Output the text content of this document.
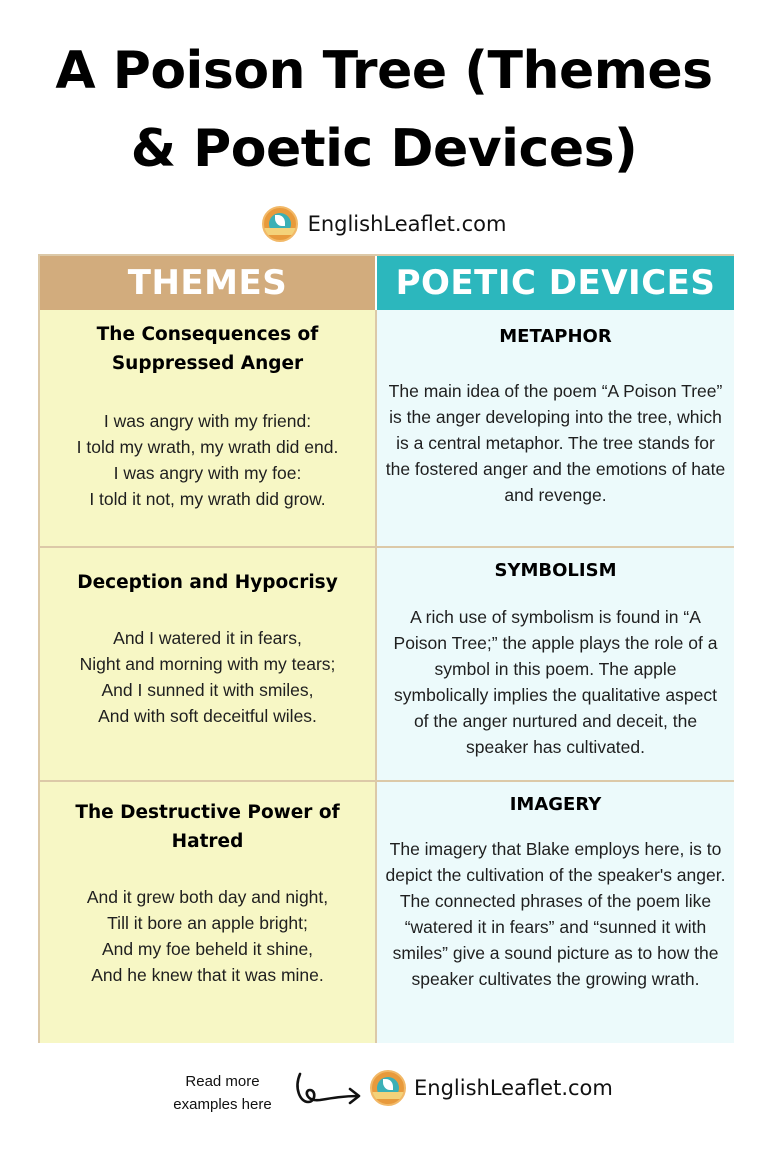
A Poison Tree (Themes
& Poetic Devices)
EnglishLeaflet.com
THEMES	POETIC DEVICES
The Consequences of
Suppressed Anger
I was angry with my friend:
I told my wrath, my wrath did end.
I was angry with my foe:
I told it not, my wrath did grow.
METAPHOR
The main idea of the poem “A Poison Tree” is the anger developing into the tree, which is a central metaphor. The tree stands for the fostered anger and the emotions of hate and revenge.
Deception and Hypocrisy
And I watered it in fears,
Night and morning with my tears;
And I sunned it with smiles,
And with soft deceitful wiles.
SYMBOLISM
A rich use of symbolism is found in “A Poison Tree;” the apple plays the role of a symbol in this poem. The apple symbolically implies the qualitative aspect of the anger nurtured and deceit, the speaker has cultivated.
The Destructive Power of
Hatred
And it grew both day and night,
Till it bore an apple bright;
And my foe beheld it shine,
And he knew that it was mine.
IMAGERY
The imagery that Blake employs here, is to depict the cultivation of the speaker's anger. The connected phrases of the poem like “watered it in fears” and “sunned it with smiles” give a sound picture as to how the speaker cultivates the growing wrath.
Read more
examples here
EnglishLeaflet.com
